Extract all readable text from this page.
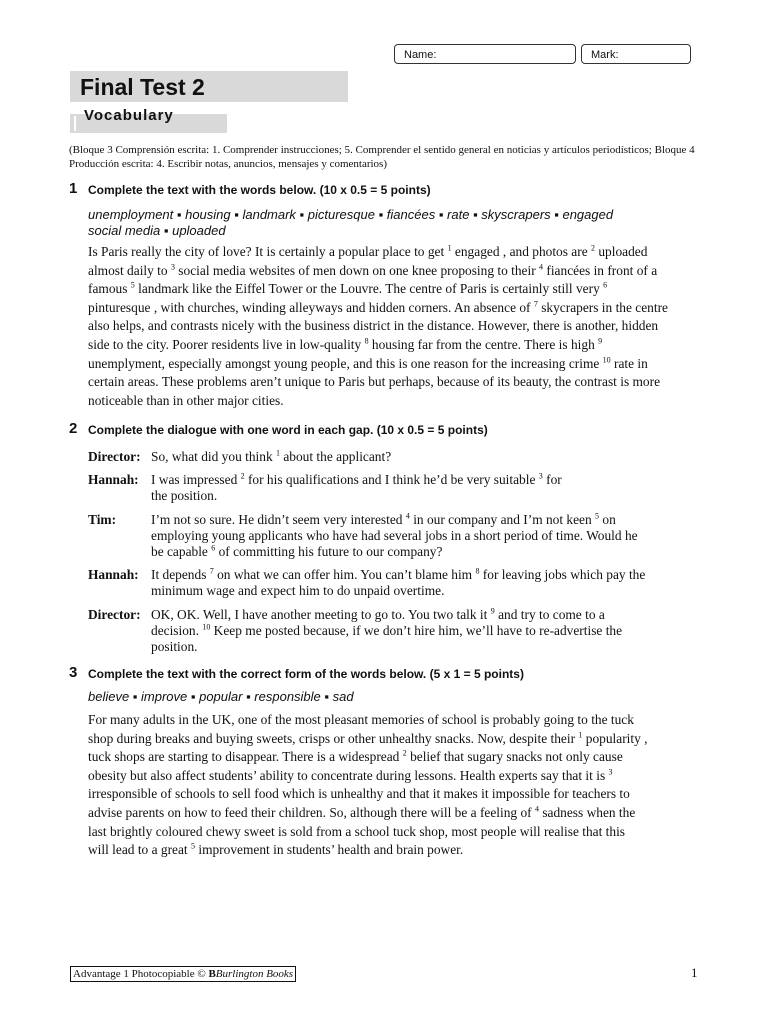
Name:	Mark:
Final Test 2
Vocabulary
(Bloque 3 Comprensión escrita: 1. Comprender instrucciones; 5. Comprender el sentido general en noticias y artículos periodísticos; Bloque 4 Producción escrita: 4. Escribir notas, anuncios, mensajes y comentarios)
1 Complete the text with the words below. (10 x 0.5 = 5 points)
unemployment ▪ housing ▪ landmark ▪ picturesque ▪ fiancées ▪ rate ▪ skyscrapers ▪ engaged
social media ▪ uploaded
Is Paris really the city of love? It is certainly a popular place to get $^1$ engaged , and photos are $^2$ uploaded almost daily to $^3$ social media websites of men down on one knee proposing to their $^4$ fiancées in front of a famous $^5$ landmark like the Eiffel Tower or the Louvre. The centre of Paris is certainly still very $^6$ pinturesque , with churches, winding alleyways and hidden corners. An absence of $^7$ skycrapers in the centre also helps, and contrasts nicely with the business district in the distance. However, there is another, hidden side to the city. Poorer residents live in low-quality $^8$ housing far from the centre. There is high $^9$ unemplyment, especially amongst young people, and this is one reason for the increasing crime $^{10}$ rate in certain areas. These problems aren’t unique to Paris but perhaps, because of its beauty, the contrast is more noticeable than in other major cities.
2 Complete the dialogue with one word in each gap. (10 x 0.5 = 5 points)
Director: So, what did you think $^1$ about the applicant?
Hannah: I was impressed $^2$ for his qualifications and I think he’d be very suitable $^3$ for the position.
Tim:	I’m not so sure. He didn’t seem very interested $^4$ in our company and I’m not keen $^5$ on employing young applicants who have had several jobs in a short period of time. Would he be capable $^6$ of committing his future to our company?
Hannah: It depends $^7$ on what we can offer him. You can’t blame him $^8$ for leaving jobs which pay the minimum wage and expect him to do unpaid overtime.
Director: OK, OK. Well, I have another meeting to go to. You two talk it $^9$ and try to come to a decision. $^{10}$ Keep me posted because, if we don’t hire him, we’ll have to re-advertise the position.
3 Complete the text with the correct form of the words below. (5 x 1 = 5 points)
believe ▪ improve ▪ popular ▪ responsible ▪ sad
For many adults in the UK, one of the most pleasant memories of school is probably going to the tuck shop during breaks and buying sweets, crisps or other unhealthy snacks. Now, despite their $^1$ popularity , tuck shops are starting to disappear. There is a widespread $^2$ belief that sugary snacks not only cause obesity but also affect students’ ability to concentrate during lessons. Health experts say that it is $^3$ irresponsible of schools to sell food which is unhealthy and that it makes it impossible for teachers to advise parents on how to feed their children. So, although there will be a feeling of $^4$ sadness when the last brightly coloured chewy sweet is sold from a school tuck shop, most people will realise that this will lead to a great $^5$ improvement in students’ health and brain power.
Advantage 1 Photocopiable © BBurlington Books	1
